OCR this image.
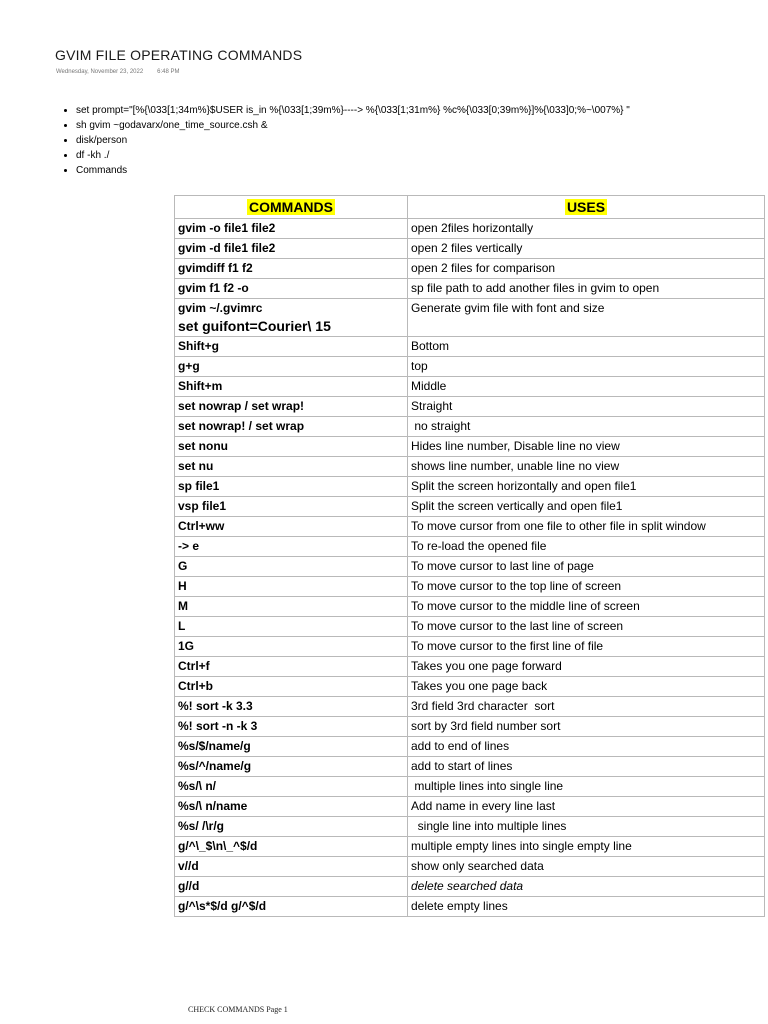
GVIM FILE OPERATING COMMANDS
Wednesday, November 23, 2022 6:48 PM
• set prompt="[%{\033[1;34m%}$USER is_in %{\033[1;39m%}----> %{\033[1;31m%} %c%{\033[0;39m%}]%{\033]0;%~\007%} "
• sh gvim ~godavarx/one_time_source.csh &
• disk/person
• df -kh ./
• Commands
COMMANDS	USES
gvim -o file1 file2	open 2files horizontally
gvim -d file1 file2	open 2 files vertically
gvimdiff f1 f2	open 2 files for comparison
gvim f1 f2 -o	sp file path to add another files in gvim to open
gvim ~/.gvimrc
set guifont=Courier\ 15	Generate gvim file with font and size
Shift+g	Bottom
g+g	top
Shift+m	Middle
set nowrap / set wrap!	Straight
set nowrap! / set wrap	no straight
set nonu	Hides line number, Disable line no view
set nu	shows line number, unable line no view
sp file1	Split the screen horizontally and open file1
vsp file1	Split the screen vertically and open file1
Ctrl+ww	To move cursor from one file to other file in split window
-> e	To re-load the opened file
G	To move cursor to last line of page
H	To move cursor to the top line of screen
M	To move cursor to the middle line of screen
L	To move cursor to the last line of screen
1G	To move cursor to the first line of file
Ctrl+f	Takes you one page forward
Ctrl+b	Takes you one page back
%! sort -k 3.3	3rd field 3rd character  sort
%! sort -n -k 3	sort by 3rd field number sort
%s/$/name/g	add to end of lines
%s/^/name/g	add to start of lines
%s/\ n/	multiple lines into single line
%s/\ n/name	Add name in every line last
%s/ /\r/g	single line into multiple lines
g/^\_$\n\_^$/d	multiple empty lines into single empty line
v//d	show only searched data
g//d	delete searched data
g/^\s*$/d g/^$/d	delete empty lines
CHECK COMMANDS Page 1
